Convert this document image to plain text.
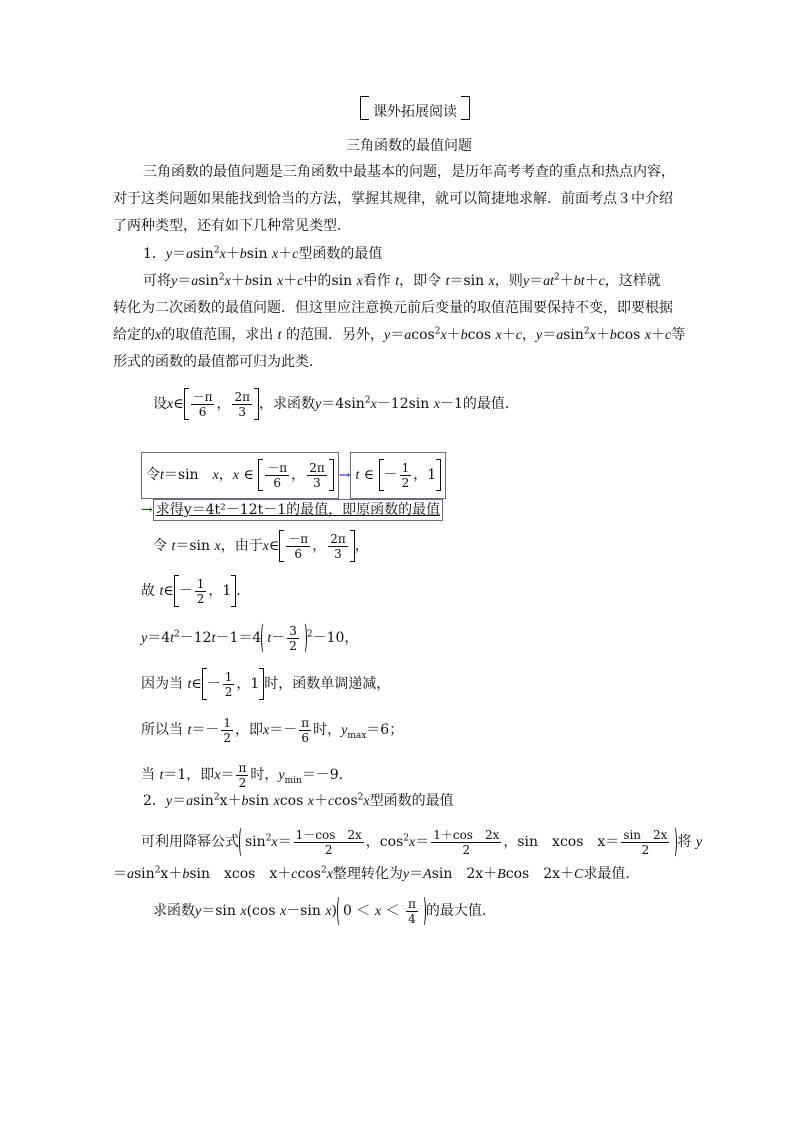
课外拓展阅读
三角函数的最值问题
三角函数的最值问题是三角函数中最基本的问题，是历年高考考查的重点和热点内容，
对于这类问题如果能找到恰当的方法，掌握其规律，就可以简捷地求解．前面考点３中介绍
了两种类型，还有如下几种常见类型．
1．y＝asin$^2$x＋bsin x＋c型函数的最值
可将y＝asin$^2$x＋bsin x＋c中的sin x看作 t，即令 t＝sin x，则$y=at^2+bt+c$，这样就
转化为二次函数的最值问题．但这里应注意换元前后变量的取值范围要保持不变，即要根据
给定的x的取值范围，求出 t 的范围．另外，y＝acos$^2$x＋bcos x＋c，y＝asin$^2$x＋bcos x＋c等
形式的函数的最值都可归为此类．
设x∈ $\frac{-\pi}{6}$ ， $\frac{2\pi}{3}$ ，求函数$y=4\sin^2x-12\sin$ x－1的最值．
令t＝sin　 x，x ∈ $\frac{-\pi}{6}$ ， $\frac{2\pi}{3} \to t$ ∈ － $\frac{1}{2}$ ，1
→ 求得y＝4t²－12t－1的最值，即原函数的最值
令 t＝sin x，由于x∈ $\frac{-\pi}{6}$ ， $\frac{2\pi}{3}$ ，
故 t∈ － $\frac{1}{2}$ ，1 ．
$y=4t^2-12t-1=4$ $t- \frac{3}{2} ^2-10$，
因为当 t∈ － $\frac{1}{2}$ ，1 时，函数单调递减，
所以当 $t=- \frac{1}{2}$ ，即$x=- \frac{\pi}{6}$ 时，$y_{max}=6$；
当 t＝1，即$x= \frac{\pi}{2}$ 时，$y_{min}=-9$．
2．y＝asin$^2$x＋bsin xcos x＋ccos$^2$x型函数的最值
可利用降幂公式 $\sin^2x= \frac{1-\cos 2x}{2}$ ，$\cos^2x= \frac{1+\cos 2x}{2}$ ，sin　xcos　$x= \frac{\sin 2x}{2}$ 将 y
＝asin$^2$x＋bsin　xcos　x＋ccos$^2$x整理转化为y＝Asin　2x＋Bcos　2x＋C求最值．
求函数y＝sin x(cos x－sin x) $0 < x < \frac{\pi}{4}$ 的最大值．
